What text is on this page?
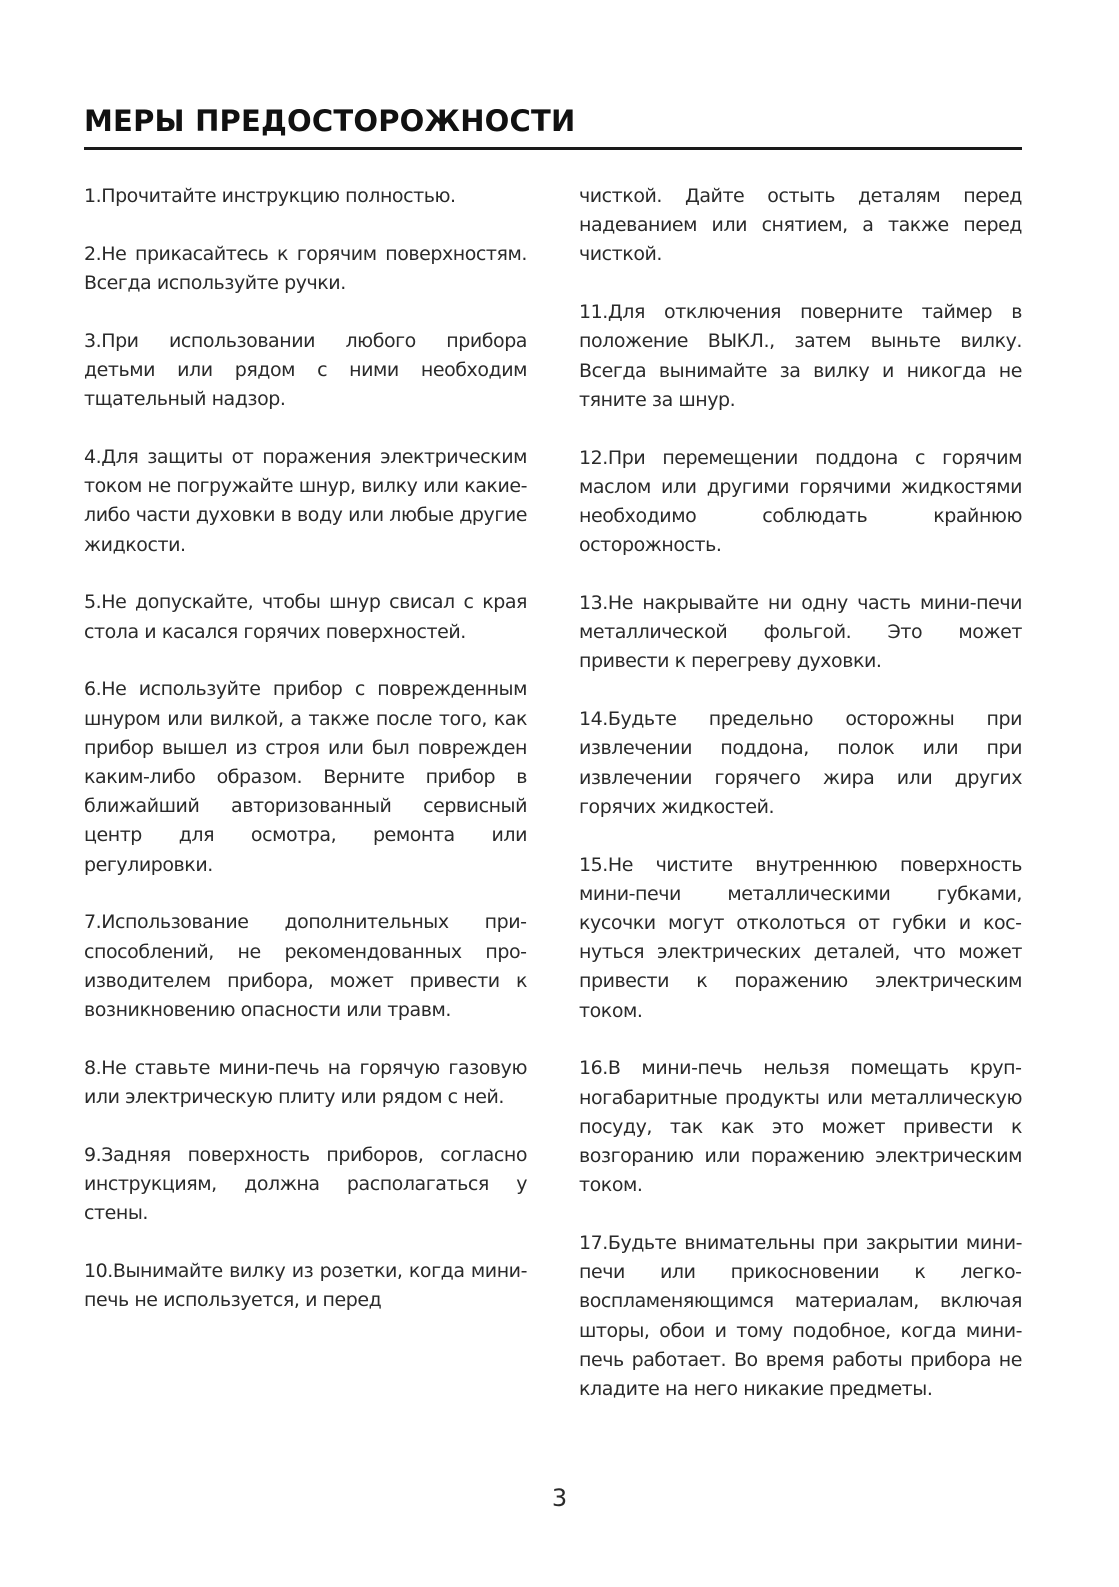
МЕРЫ ПРЕДОСТОРОЖНОСТИ

1.Прочитайте инструкцию полностью.

2.Не прикасайтесь к горячим поверхностям. Всегда используйте ручки.

3.При использовании любого прибора детьми или рядом с ними необходим тщательный надзор.

4.Для защиты от поражения электрическим током не погружайте шнур, вилку или какие-либо части духовки в воду или любые другие жидкости.

5.Не допускайте, чтобы шнур свисал с края стола и касался горячих поверхностей.

6.Не используйте прибор с поврежденным шнуром или вилкой, а также после того, как прибор вышел из строя или был поврежден каким-либо образом. Верните прибор в ближайший авторизованный сервисный центр для осмотра, ремонта или регулировки.

7.Использование дополнительных приспособлений, не рекомендованных производителем прибора, может привести к возникновению опасности или травм.

8.Не ставьте мини-печь на горячую газовую или электрическую плиту или рядом с ней.

9.Задняя поверхность приборов, согласно инструкциям, должна располагаться у стены.

10.Вынимайте вилку из розетки, когда мини-печь не используется, и перед

чисткой. Дайте остыть деталям перед надеванием или снятием, а также перед чисткой.

11.Для отключения поверните таймер в положение ВЫКЛ., затем выньте вилку. Всегда вынимайте за вилку и никогда не тяните за шнур.

12.При перемещении поддона с горячим маслом или другими горячими жидкостями необходимо соблюдать крайнюю осторожность.

13.Не накрывайте ни одну часть мини-печи металлической фольгой. Это может привести к перегреву духовки.

14.Будьте предельно осторожны при извлечении поддона, полок или при извлечении горячего жира или других горячих жидкостей.

15.Не чистите внутреннюю поверхность мини-печи металлическими губками, кусочки могут отколоться от губки и коснуться электрических деталей, что может привести к поражению электрическим током.

16.В мини-печь нельзя помещать крупногабаритные продукты или металлическую посуду, так как это может привести к возгоранию или поражению электрическим током.

17.Будьте внимательны при закрытии мини-печи или прикосновении к легковоспламеняющимся материалам, включая шторы, обои и тому подобное, когда мини-печь работает. Во время работы прибора не кладите на него никакие предметы.

3
